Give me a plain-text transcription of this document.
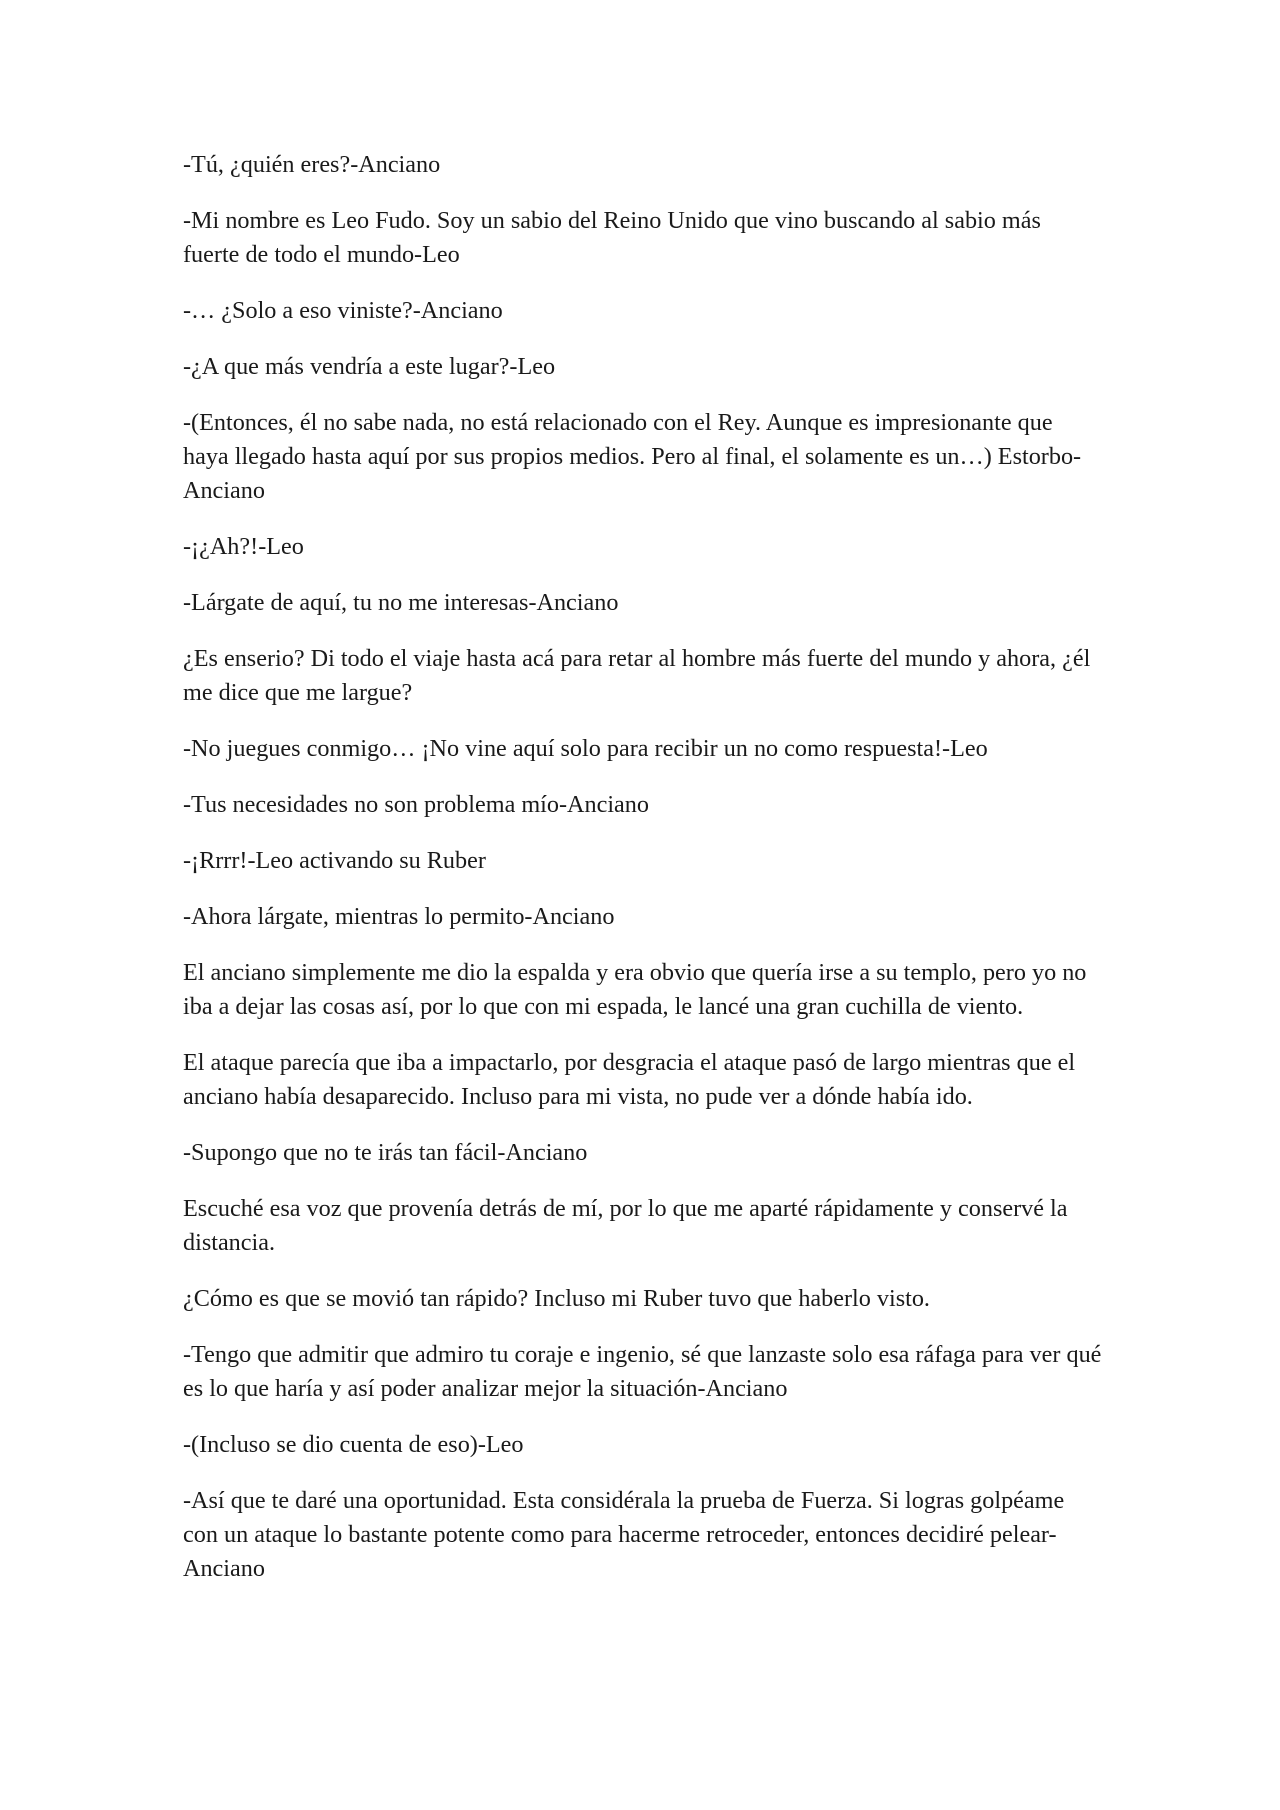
-Tú, ¿quién eres?-Anciano

-Mi nombre es Leo Fudo. Soy un sabio del Reino Unido que vino buscando al sabio más fuerte de todo el mundo-Leo

-… ¿Solo a eso viniste?-Anciano

-¿A que más vendría a este lugar?-Leo

-(Entonces, él no sabe nada, no está relacionado con el Rey. Aunque es impresionante que haya llegado hasta aquí por sus propios medios. Pero al final, el solamente es un…) Estorbo-Anciano

-¡¿Ah?!-Leo

-Lárgate de aquí, tu no me interesas-Anciano

¿Es enserio? Di todo el viaje hasta acá para retar al hombre más fuerte del mundo y ahora, ¿él me dice que me largue?

-No juegues conmigo… ¡No vine aquí solo para recibir un no como respuesta!-Leo

-Tus necesidades no son problema mío-Anciano

-¡Rrrr!-Leo activando su Ruber

-Ahora lárgate, mientras lo permito-Anciano

El anciano simplemente me dio la espalda y era obvio que quería irse a su templo, pero yo no iba a dejar las cosas así, por lo que con mi espada, le lancé una gran cuchilla de viento.

El ataque parecía que iba a impactarlo, por desgracia el ataque pasó de largo mientras que el anciano había desaparecido. Incluso para mi vista, no pude ver a dónde había ido.

-Supongo que no te irás tan fácil-Anciano

Escuché esa voz que provenía detrás de mí, por lo que me aparté rápidamente y conservé la distancia.

¿Cómo es que se movió tan rápido? Incluso mi Ruber tuvo que haberlo visto.

-Tengo que admitir que admiro tu coraje e ingenio, sé que lanzaste solo esa ráfaga para ver qué es lo que haría y así poder analizar mejor la situación-Anciano

-(Incluso se dio cuenta de eso)-Leo

-Así que te daré una oportunidad. Esta considérala la prueba de Fuerza. Si logras golpéame con un ataque lo bastante potente como para hacerme retroceder, entonces decidiré pelear-Anciano
